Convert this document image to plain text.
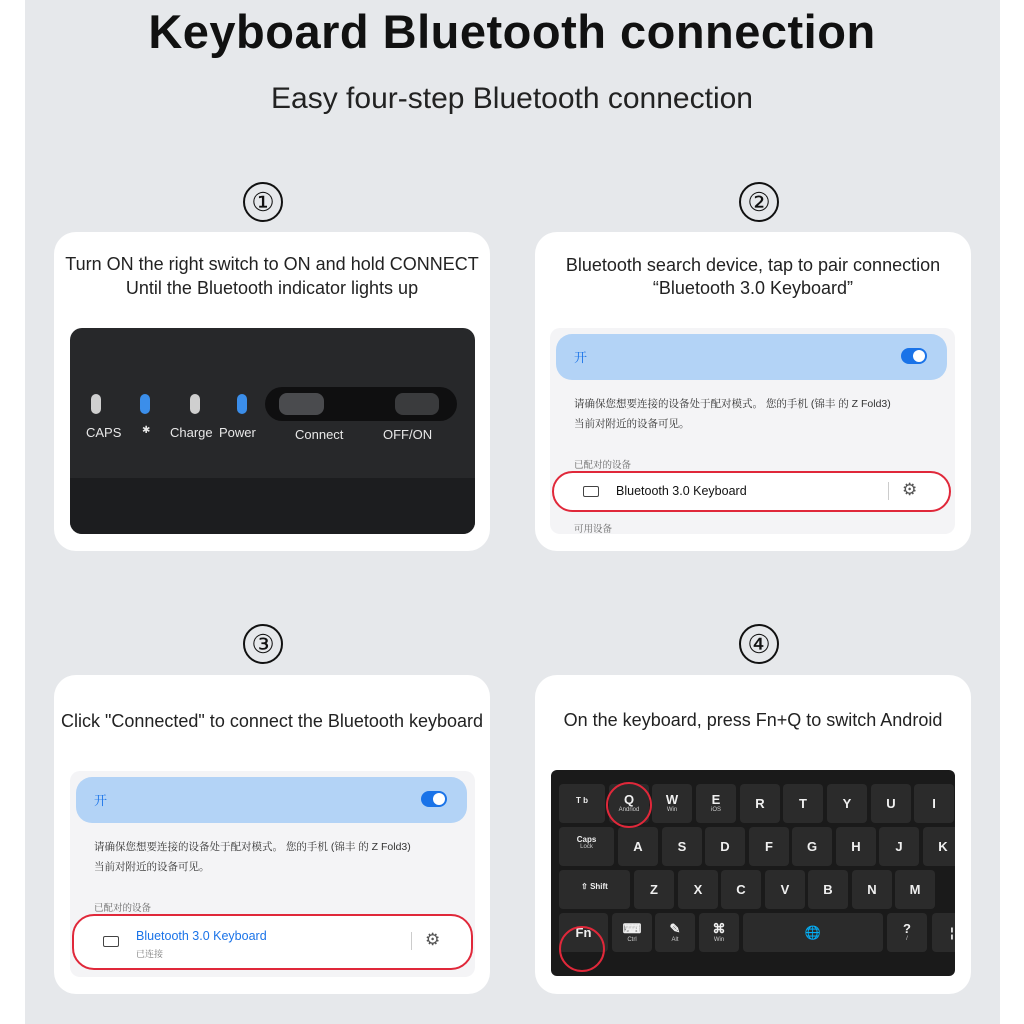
Keyboard Bluetooth connection
Easy four-step Bluetooth connection
①	②
③	④
Turn ON the right switch to ON and hold CONNECT
Until the Bluetooth indicator lights up
CAPS ✱ Charge Power	Connect	OFF/ON
Bluetooth search device, tap to pair connection
“Bluetooth 3.0 Keyboard”
开
请确保您想要连接的设备处于配对模式。 您的手机 (锦丰 的 Z Fold3)
当前对附近的设备可见。
已配对的设备
Bluetooth 3.0 Keyboard	⚙
可用设备
Click "Connected" to connect the Bluetooth keyboard
开
请确保您想要连接的设备处于配对模式。 您的手机 (锦丰 的 Z Fold3)
当前对附近的设备可见。
已配对的设备
Bluetooth 3.0 Keyboard
已连接
⚙
On the keyboard, press Fn+Q to switch Android
T b	Q
Andriod
W
Win
E
iOS	R	T	Y	U	I
Caps
Lock	A	S	D	F	G	H	J	K
⇧ Shift	Z	X	C	V	B	N	M
Fn	⌨
Ctrl
✎
Alt
⌘
Win	🌐	?
/	¦
